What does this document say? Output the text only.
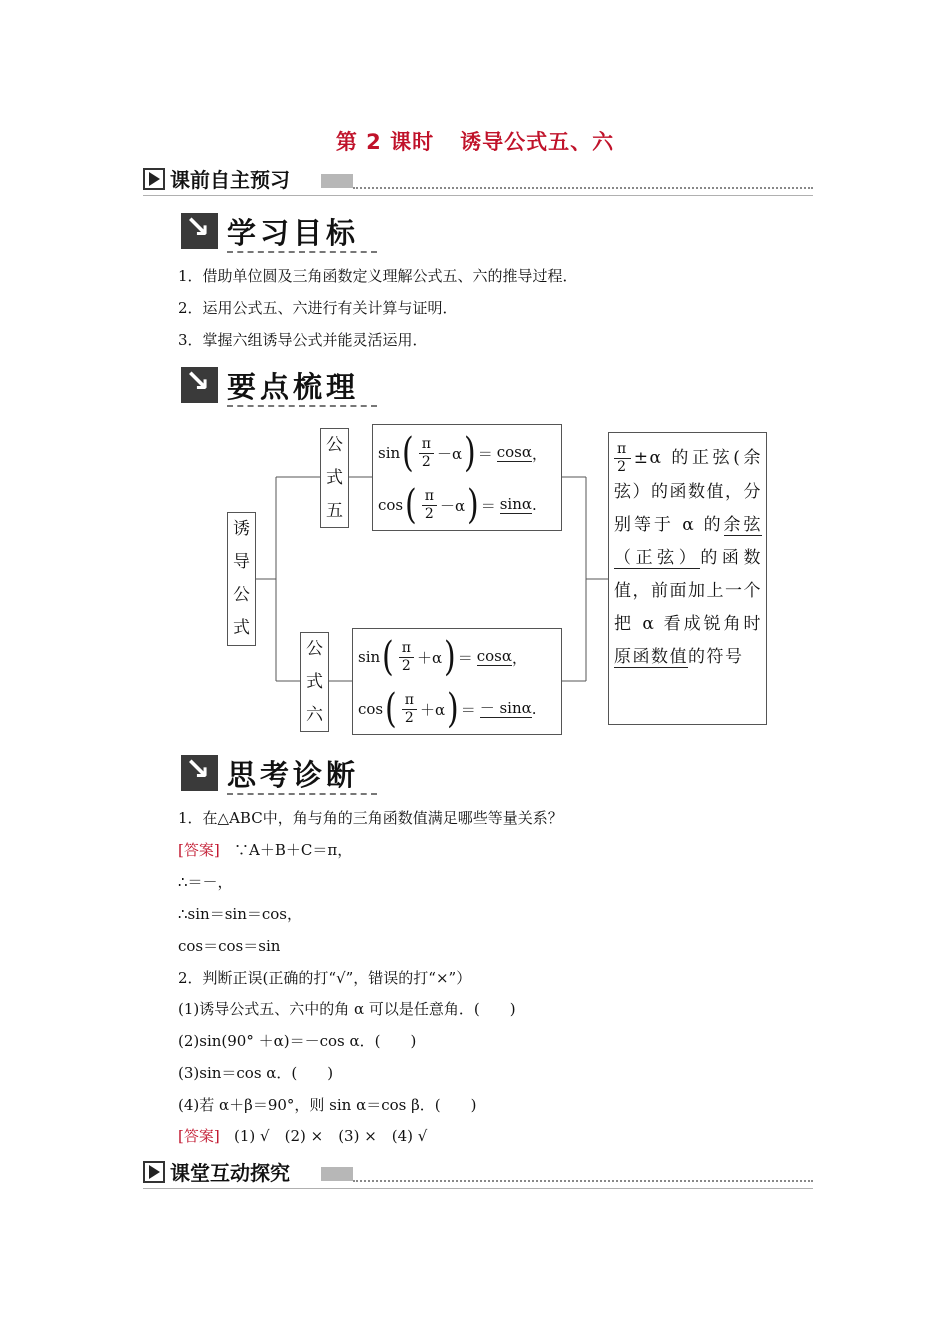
第 2 课时 诱导公式五、六
课前自主预习
↘
学习目标
1．借助单位圆及三角函数定义理解公式五、六的推导过程．
2．运用公式五、六进行有关计算与证明．
3．掌握六组诱导公式并能灵活运用．
↘
要点梳理
诱
导
公
式
公
式
五
公
式
六
sin ( $\frac{\pi}{2} -\alpha$ ) ＝ cosα ，
cos ( $\frac{\pi}{2} -\alpha$ ) ＝ sinα .
sin ( $\frac{\pi}{2} +\alpha$ ) ＝ cosα ，
cos ( $\frac{\pi}{2} +\alpha$ ) ＝ － sinα .
$\frac{\pi}{2} \pm\alpha$ 的正弦(余弦）的函数值，分别等于 α 的余弦（正弦）的函数值，前面加上一个把 α 看成锐角时原函数值的符号
↘
思考诊断
1．在△ABC中，角与角的三角函数值满足哪些等量关系？
[答案] ∵A＋B＋C＝π，
∴＝－，
∴sin＝sin＝cos，
cos＝cos＝sin
2．判断正误(正确的打“√”，错误的打“×”）
(1)诱导公式五、六中的角 α 可以是任意角．(　　)
(2)sin(90° ＋α)＝－cos α．(　　)
(3)sin＝cos α．(　　)
(4)若 α＋β＝90°，则 sin α＝cos β．(　　)
[答案] (1) √　(2) ×　(3) ×　(4) √
课堂互动探究
